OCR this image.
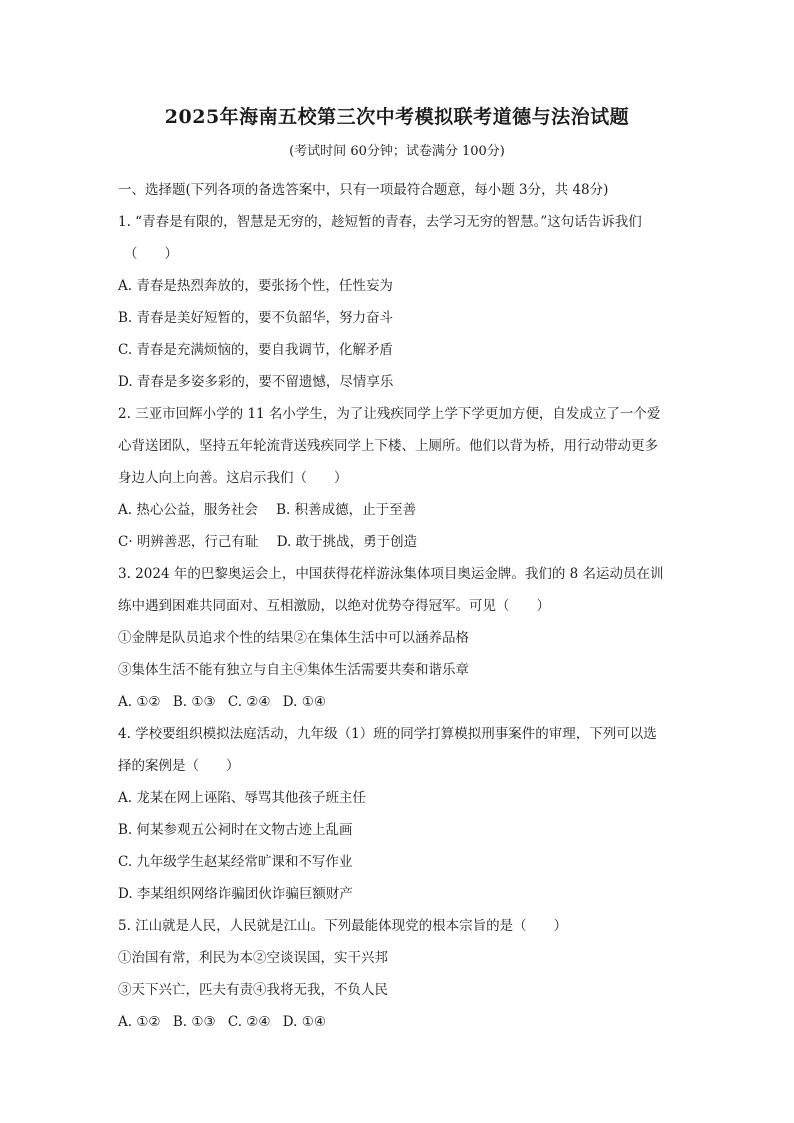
2025年海南五校第三次中考模拟联考道德与法治试题
(考试时间 60分钟；试卷满分 100分)
一、选择题(下列各项的备选答案中，只有一项最符合题意，每小题 3分，共 48分)
1. “青春是有限的，智慧是无穷的，趁短暂的青春，去学习无穷的智慧。”这句话告诉我们
（　　）
A. 青春是热烈奔放的，要张扬个性，任性妄为
B. 青春是美好短暂的，要不负韶华，努力奋斗
C. 青春是充满烦恼的，要自我调节，化解矛盾
D. 青春是多姿多彩的，要不留遗憾，尽情享乐
2. 三亚市回辉小学的 11 名小学生，为了让残疾同学上学下学更加方便，自发成立了一个爱
心背送团队，坚持五年轮流背送残疾同学上下楼、上厕所。他们以背为桥，用行动带动更多
身边人向上向善。这启示我们（　　）
A. 热心公益，服务社会 B. 积善成德，止于至善
C· 明辨善恶，行己有耻 D. 敢于挑战，勇于创造
3. 2024 年的巴黎奥运会上，中国获得花样游泳集体项目奥运金牌。我们的 8 名运动员在训
练中遇到困难共同面对、互相激励，以绝对优势夺得冠军。可见（　　）
①金牌是队员追求个性的结果②在集体生活中可以涵养品格
③集体生活不能有独立与自主④集体生活需要共奏和谐乐章
A. ①② B. ①③ C. ②④ D. ①④
4. 学校要组织模拟法庭活动，九年级（1）班的同学打算模拟刑事案件的审理，下列可以选
择的案例是（　　）
A. 龙某在网上诬陷、辱骂其他孩子班主任
B. 何某参观五公祠时在文物古迹上乱画
C. 九年级学生赵某经常旷课和不写作业
D. 李某组织网络诈骗团伙诈骗巨额财产
5. 江山就是人民，人民就是江山。下列最能体现党的根本宗旨的是（　　）
①治国有常，利民为本②空谈误国，实干兴邦
③天下兴亡，匹夫有责④我将无我，不负人民
A. ①② B. ①③ C. ②④ D. ①④
